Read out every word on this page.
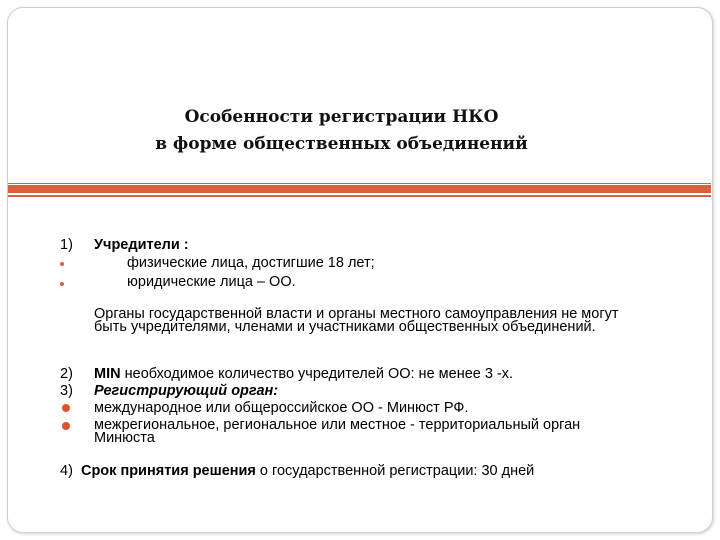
Особенности регистрации НКО
в форме общественных объединений
1) Учредители :
физические лица, достигшие 18 лет;
юридические лица – ОО.
Органы государственной власти и органы местного самоуправления не могут быть учредителями, членами и участниками общественных объединений.
2) MIN необходимое количество учредителей ОО: не менее 3 -х.
3) Регистрирующий орган:
международное или общероссийское ОО - Минюст РФ.
межрегиональное, региональное или местное - территориальный орган Минюста
4) Срок принятия решения о государственной регистрации: 30 дней
